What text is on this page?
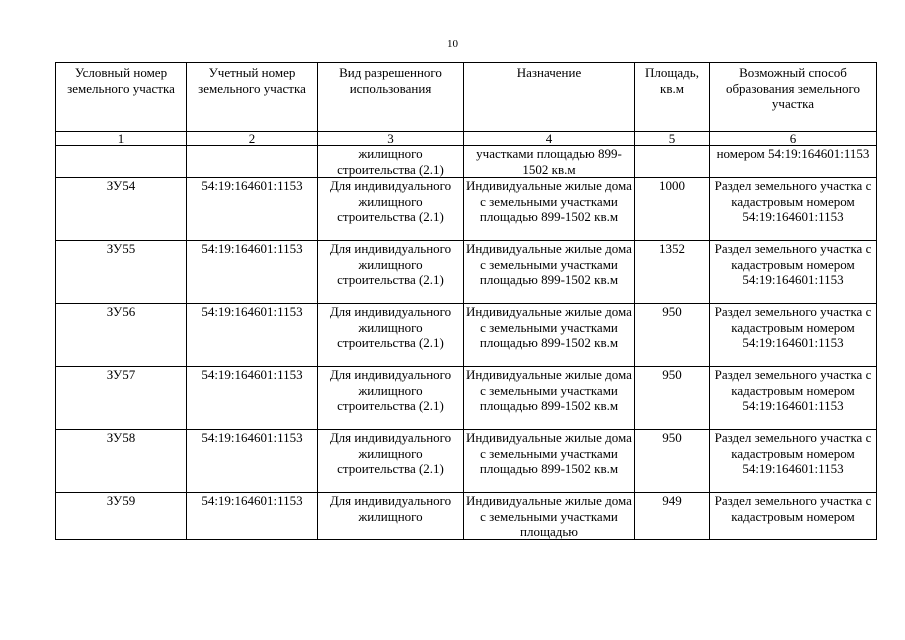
10
Условный номер земельного участка	Учетный номер земельного участка	Вид разрешенного использования	Назначение	Площадь, кв.м	Возможный способ образования земельного участка
1	2	3	4	5	6
		жилищного строительства (2.1)	участками площадью 899-1502 кв.м		номером 54:19:164601:1153

ЗУ54	54:19:164601:1153	Для индивидуального жилищного строительства (2.1)	Индивидуальные жилые дома с земельными участками площадью 899-1502 кв.м	1000	Раздел земельного участка с кадастровым номером 54:19:164601:1153

ЗУ55	54:19:164601:1153	Для индивидуального жилищного строительства (2.1)	Индивидуальные жилые дома с земельными участками площадью 899-1502 кв.м	1352	Раздел земельного участка с кадастровым номером 54:19:164601:1153

ЗУ56	54:19:164601:1153	Для индивидуального жилищного строительства (2.1)	Индивидуальные жилые дома с земельными участками площадью 899-1502 кв.м	950	Раздел земельного участка с кадастровым номером 54:19:164601:1153

ЗУ57	54:19:164601:1153	Для индивидуального жилищного строительства (2.1)	Индивидуальные жилые дома с земельными участками площадью 899-1502 кв.м	950	Раздел земельного участка с кадастровым номером 54:19:164601:1153

ЗУ58	54:19:164601:1153	Для индивидуального жилищного строительства (2.1)	Индивидуальные жилые дома с земельными участками площадью 899-1502 кв.м	950	Раздел земельного участка с кадастровым номером 54:19:164601:1153

ЗУ59	54:19:164601:1153	Для индивидуального жилищного	Индивидуальные жилые дома с земельными участками площадью	949	Раздел земельного участка с кадастровым номером
